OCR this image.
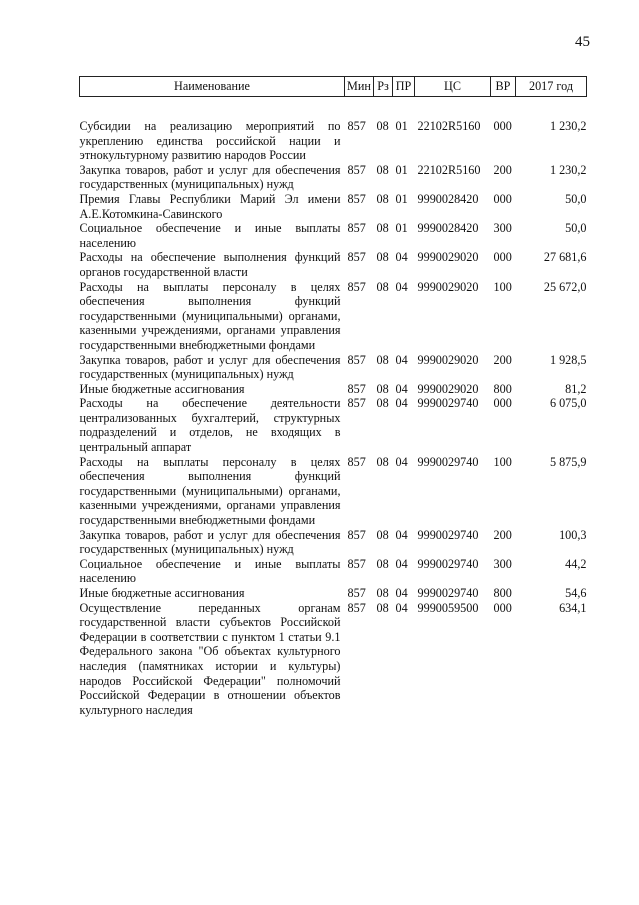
45
Наименование	Мин	Рз	ПР	ЦС	ВР	2017 год
Субсидии на реализацию мероприятий по укреплению единства российской нации и этнокультурному развитию народов России	857	08	01	22102R5160	000	1 230,2
Закупка товаров, работ и услуг для обеспечения государственных (муниципальных) нужд	857	08	01	22102R5160	200	1 230,2
Премия Главы Республики Марий Эл имени А.Е.Котомкина-Савинского	857	08	01	9990028420	000	50,0
Социальное обеспечение и иные выплаты населению	857	08	01	9990028420	300	50,0
Расходы на обеспечение выполнения функций органов государственной власти	857	08	04	9990029020	000	27 681,6
Расходы на выплаты персоналу в целях обеспечения выполнения функций государственными (муниципальными) органами, казенными учреждениями, органами управления государственными внебюджетными фондами	857	08	04	9990029020	100	25 672,0
Закупка товаров, работ и услуг для обеспечения государственных (муниципальных) нужд	857	08	04	9990029020	200	1 928,5
Иные бюджетные ассигнования	857	08	04	9990029020	800	81,2
Расходы на обеспечение деятельности централизованных бухгалтерий, структурных подразделений и отделов, не входящих в центральный аппарат	857	08	04	9990029740	000	6 075,0
Расходы на выплаты персоналу в целях обеспечения выполнения функций государственными (муниципальными) органами, казенными учреждениями, органами управления государственными внебюджетными фондами	857	08	04	9990029740	100	5 875,9
Закупка товаров, работ и услуг для обеспечения государственных (муниципальных) нужд	857	08	04	9990029740	200	100,3
Социальное обеспечение и иные выплаты населению	857	08	04	9990029740	300	44,2
Иные бюджетные ассигнования	857	08	04	9990029740	800	54,6
Осуществление переданных органам государственной власти субъектов Российской Федерации в соответствии с пунктом 1 статьи 9.1 Федерального закона "Об объектах культурного наследия (памятниках истории и культуры) народов Российской Федерации" полномочий Российской Федерации в отношении объектов культурного наследия	857	08	04	9990059500	000	634,1
